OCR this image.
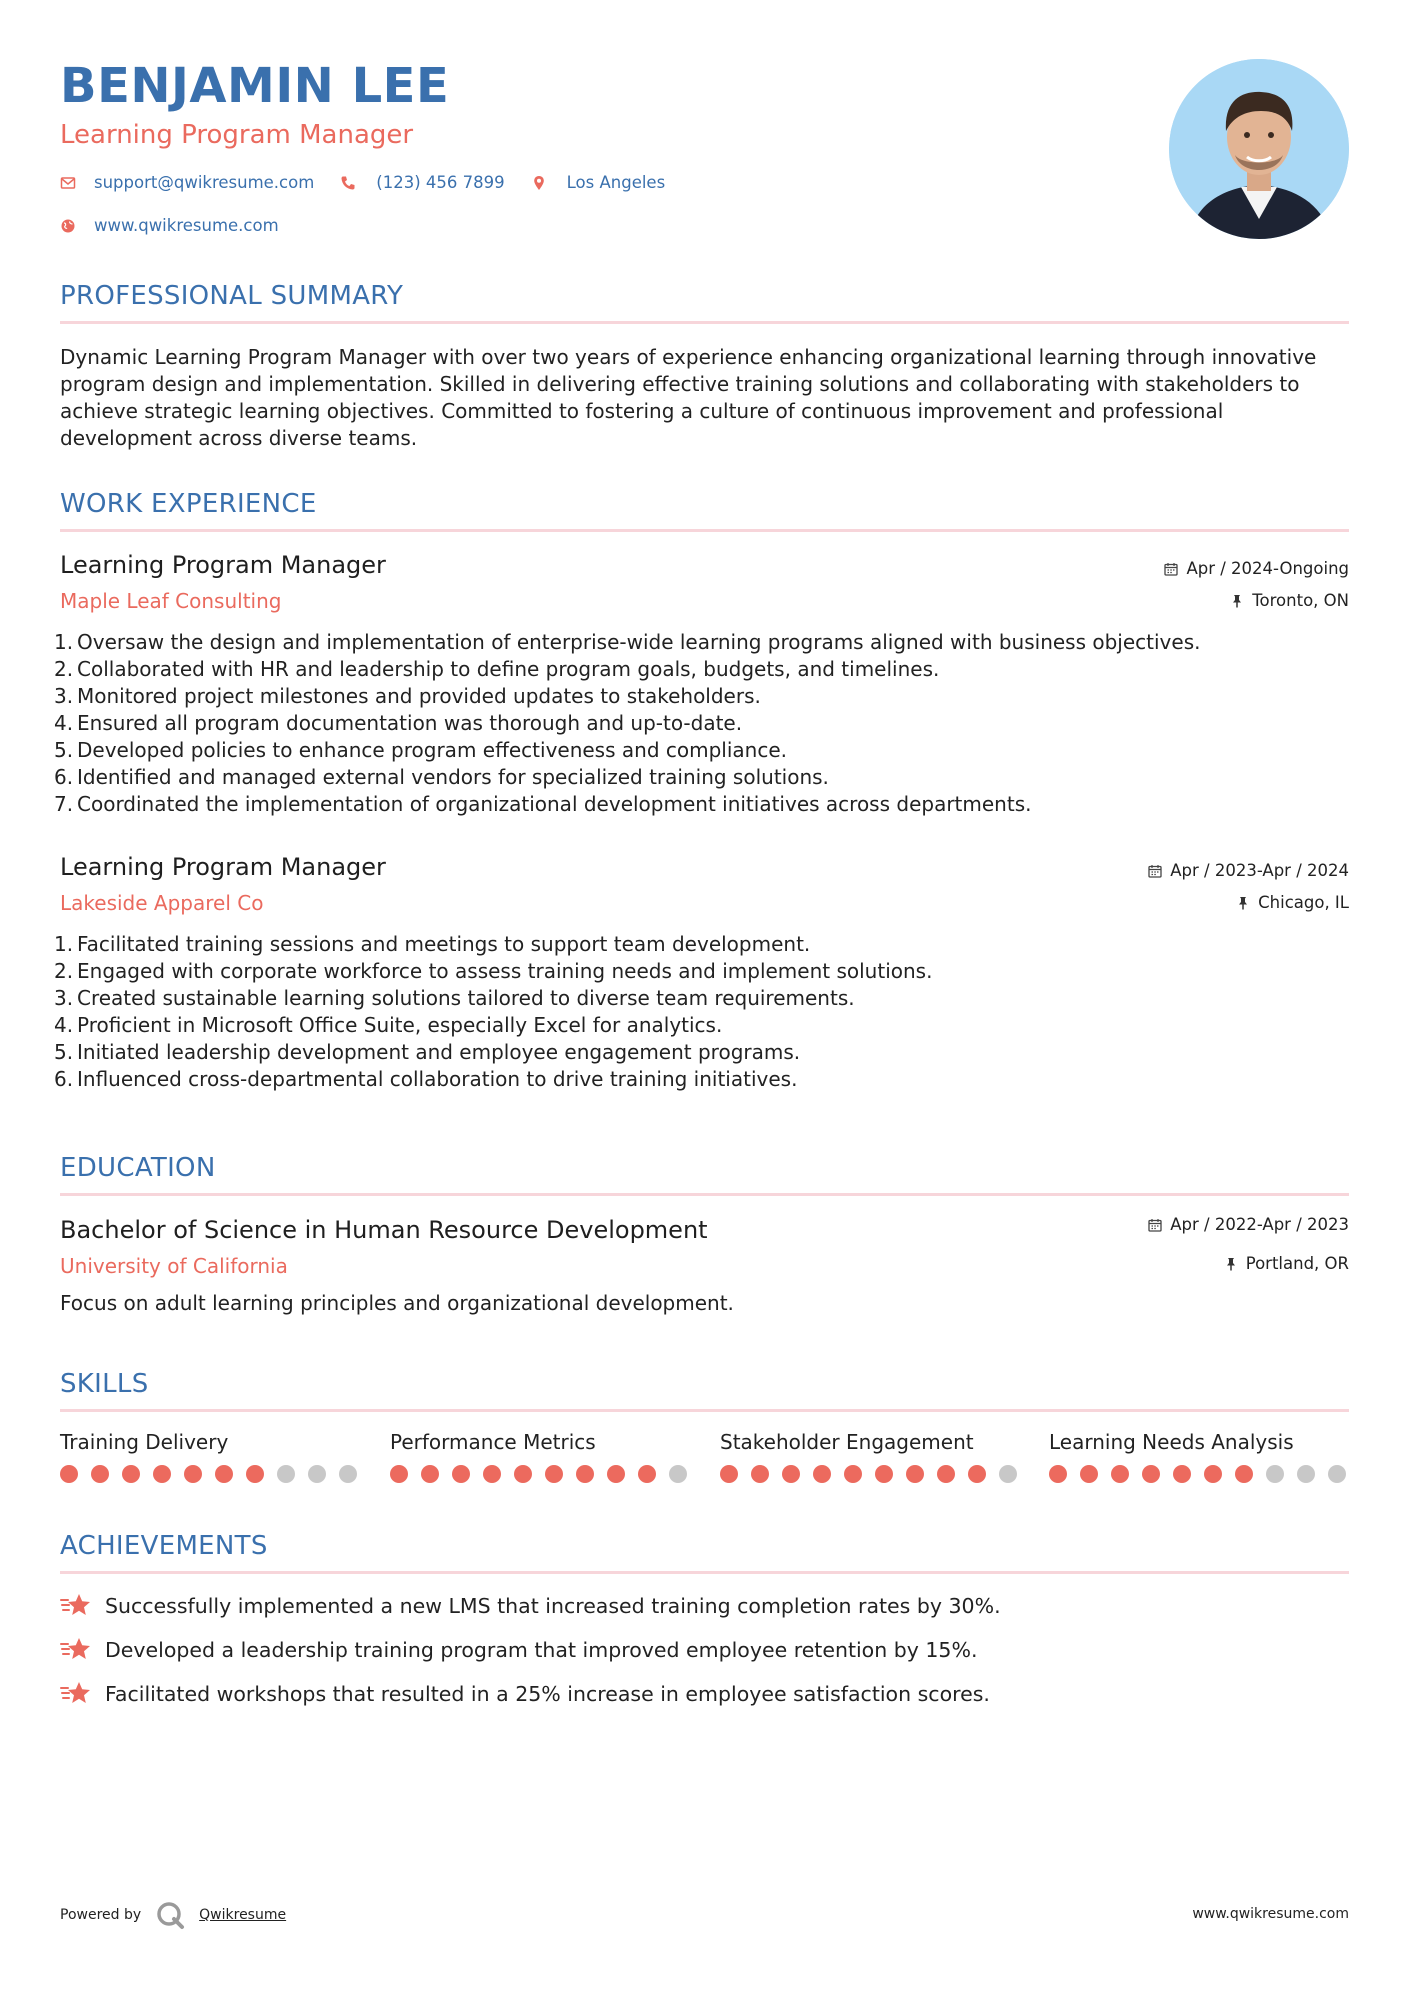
BENJAMIN LEE
Learning Program Manager
support@qwikresume.com	(123) 456 7899	Los Angeles
www.qwikresume.com
PROFESSIONAL SUMMARY
Dynamic Learning Program Manager with over two years of experience enhancing organizational learning through innovative program design and implementation. Skilled in delivering effective training solutions and collaborating with stakeholders to achieve strategic learning objectives. Committed to fostering a culture of continuous improvement and professional development across diverse teams.
WORK EXPERIENCE
Learning Program Manager
Maple Leaf Consulting
Apr / 2024-Ongoing
Toronto, ON
1. Oversaw the design and implementation of enterprise-wide learning programs aligned with business objectives.
2. Collaborated with HR and leadership to define program goals, budgets, and timelines.
3. Monitored project milestones and provided updates to stakeholders.
4. Ensured all program documentation was thorough and up-to-date.
5. Developed policies to enhance program effectiveness and compliance.
6. Identified and managed external vendors for specialized training solutions.
7. Coordinated the implementation of organizational development initiatives across departments.
Learning Program Manager
Lakeside Apparel Co
Apr / 2023-Apr / 2024
Chicago, IL
1. Facilitated training sessions and meetings to support team development.
2. Engaged with corporate workforce to assess training needs and implement solutions.
3. Created sustainable learning solutions tailored to diverse team requirements.
4. Proficient in Microsoft Office Suite, especially Excel for analytics.
5. Initiated leadership development and employee engagement programs.
6. Influenced cross-departmental collaboration to drive training initiatives.
EDUCATION
Bachelor of Science in Human Resource Development
University of California
Apr / 2022-Apr / 2023
Portland, OR
Focus on adult learning principles and organizational development.
SKILLS
Training Delivery	Performance Metrics	Stakeholder Engagement	Learning Needs Analysis
ACHIEVEMENTS
Successfully implemented a new LMS that increased training completion rates by 30%.
Developed a leadership training program that improved employee retention by 15%.
Facilitated workshops that resulted in a 25% increase in employee satisfaction scores.
Powered by	Qwikresume	www.qwikresume.com
